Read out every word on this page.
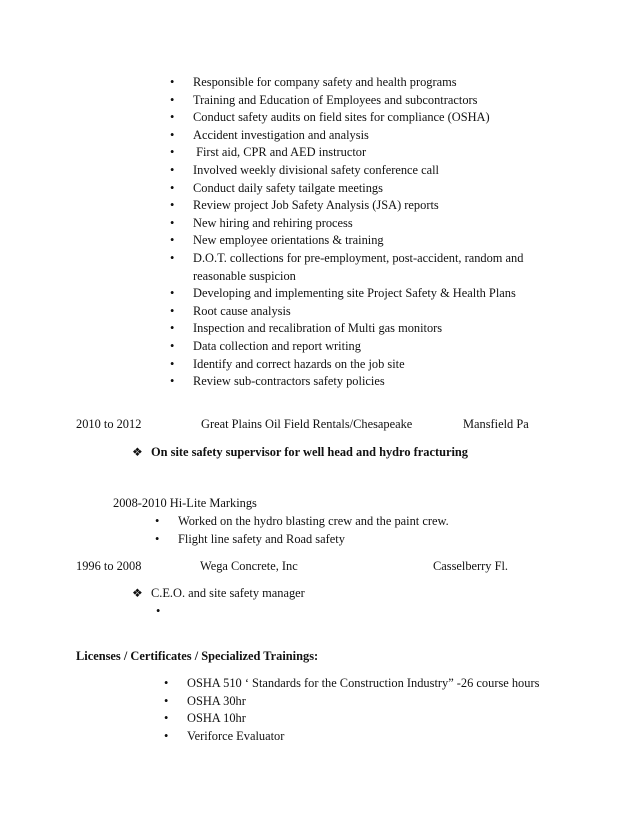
• Responsible for company safety and health programs
• Training and Education of Employees and subcontractors
• Conduct safety audits on field sites for compliance (OSHA)
• Accident investigation and analysis
• First aid, CPR and AED instructor
• Involved weekly divisional safety conference call
• Conduct daily safety tailgate meetings
• Review project Job Safety Analysis (JSA) reports
• New hiring and rehiring process
• New employee orientations & training
• D.O.T. collections for pre-employment, post-accident, random and reasonable suspicion
• Developing and implementing site Project Safety & Health Plans
• Root cause analysis
• Inspection and recalibration of Multi gas monitors
• Data collection and report writing
• Identify and correct hazards on the job site
• Review sub-contractors safety policies
2010 to 2012	Great Plains Oil Field Rentals/Chesapeake	Mansfield Pa
❖ On site safety supervisor for well head and hydro fracturing
2008-2010 Hi-Lite Markings
• Worked on the hydro blasting crew and the paint crew.
• Flight line safety and Road safety
1996 to 2008	Wega Concrete, Inc	Casselberry Fl.
❖ C.E.O. and site safety manager
•
Licenses / Certificates / Specialized Trainings:
• OSHA 510 ‘ Standards for the Construction Industry” -26 course hours
• OSHA 30hr
• OSHA 10hr
• Veriforce Evaluator
